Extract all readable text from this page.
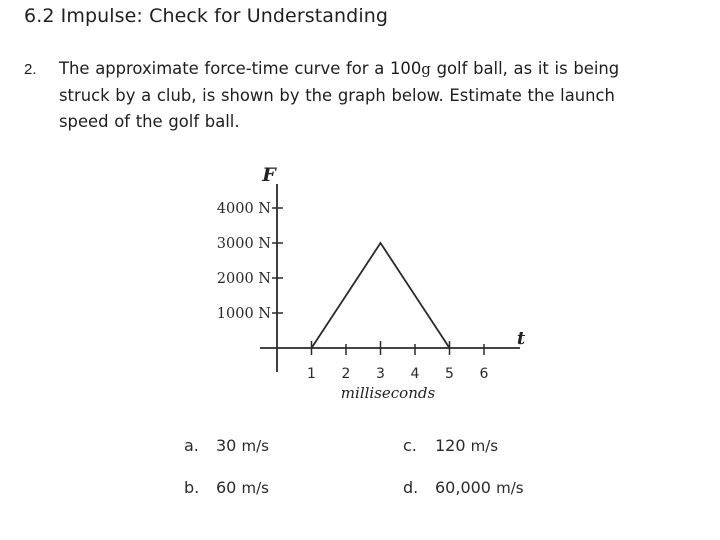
6.2 Impulse: Check for Understanding
2. The approximate force-time curve for a 100g golf ball, as it is being
struck by a club, is shown by the graph below. Estimate the launch
speed of the golf ball.
1000 N
2000 N
3000 N
4000 N
1 2 3 4 5 6
F
t
milliseconds
a. 30 m/s
b. 60 m/s
c. 120 m/s
d. 60,000 m/s
